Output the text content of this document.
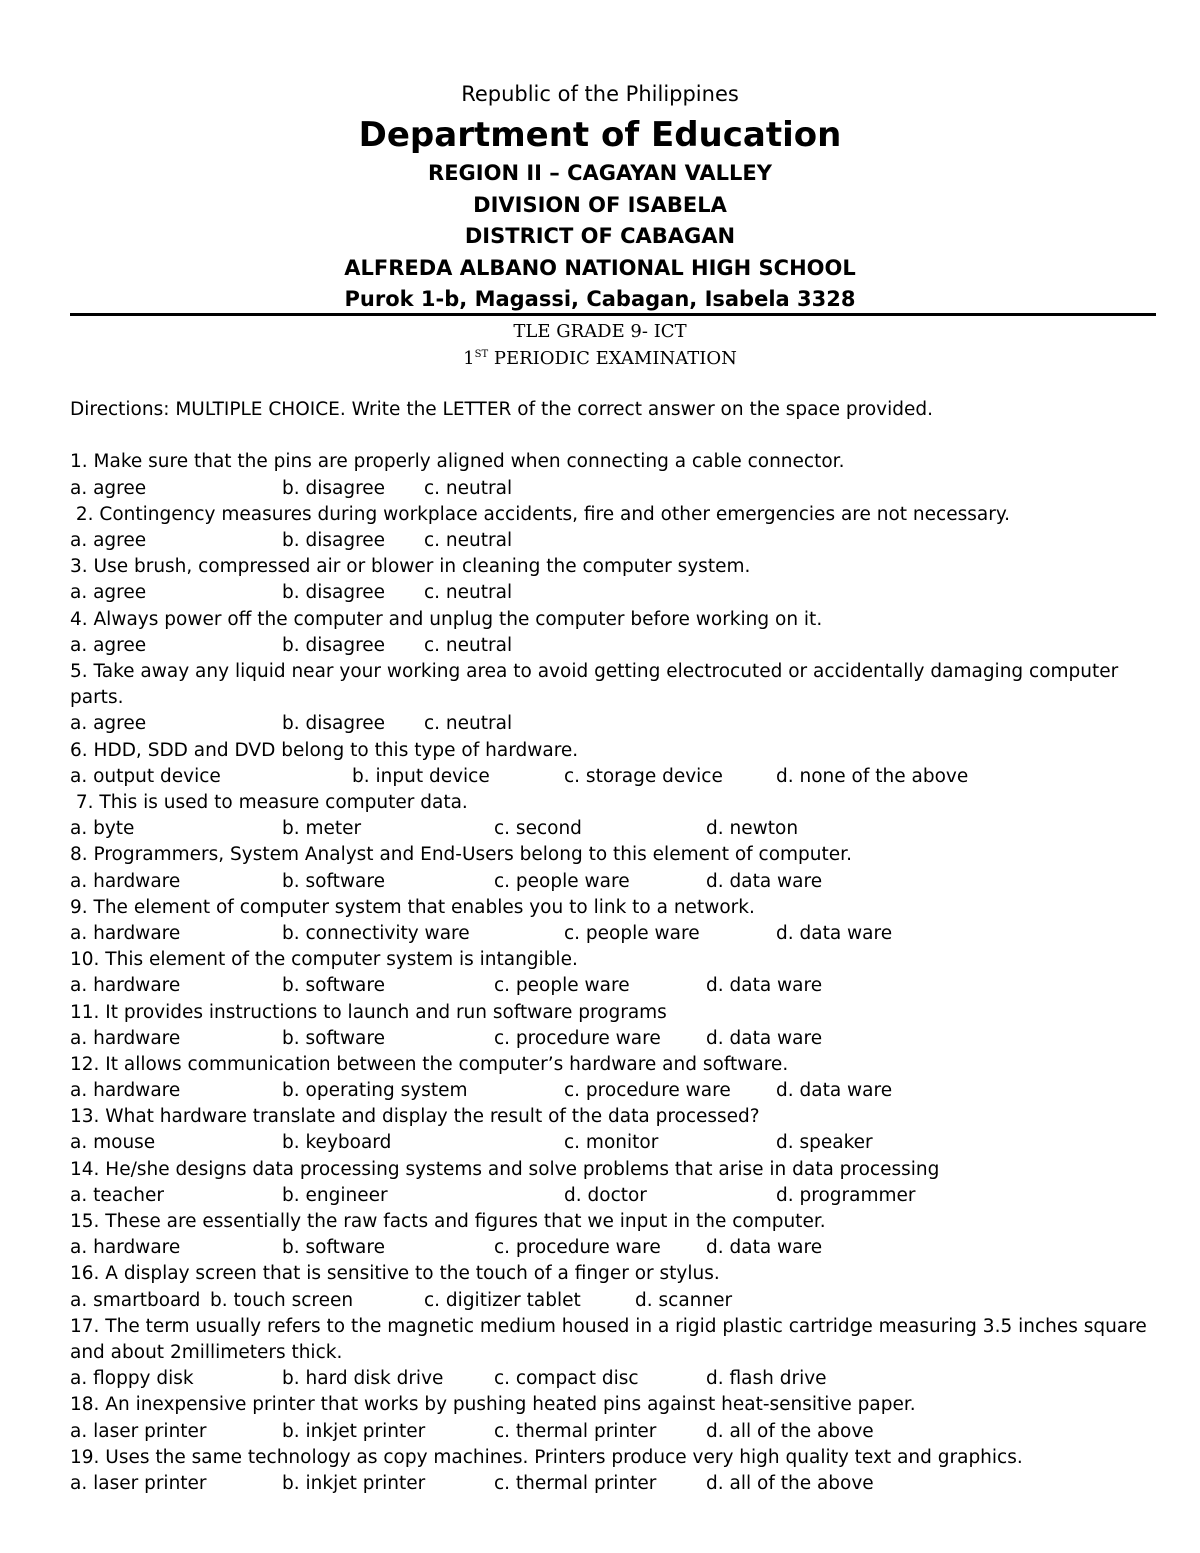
Republic of the Philippines
Department of Education
REGION II – CAGAYAN VALLEY
DIVISION OF ISABELA
DISTRICT OF CABAGAN
ALFREDA ALBANO NATIONAL HIGH SCHOOL
Purok 1-b, Magassi, Cabagan, Isabela 3328
TLE GRADE 9- ICT
1ST PERIODIC EXAMINATION
Directions: MULTIPLE CHOICE. Write the LETTER of the correct answer on the space provided.
1. Make sure that the pins are properly aligned when connecting a cable connector.
a. agree	b. disagree c. neutral
2. Contingency measures during workplace accidents, fire and other emergencies are not necessary.
a. agree	b. disagree c. neutral
3. Use brush, compressed air or blower in cleaning the computer system.
a. agree	b. disagree c. neutral
4. Always power off the computer and unplug the computer before working on it.
a. agree	b. disagree c. neutral
5. Take away any liquid near your working area to avoid getting electrocuted or accidentally damaging computer parts.
a. agree	b. disagree c. neutral
6. HDD, SDD and DVD belong to this type of hardware.
a. output device	b. input device	c. storage device	d. none of the above
7. This is used to measure computer data.
a. byte	b. meter	c. second	d. newton
8. Programmers, System Analyst and End-Users belong to this element of computer.
a. hardware	b. software	c. people ware	d. data ware
9. The element of computer system that enables you to link to a network.
a. hardware	b. connectivity ware	c. people ware	d. data ware
10. This element of the computer system is intangible.
a. hardware	b. software	c. people ware	d. data ware
11. It provides instructions to launch and run software programs
a. hardware	b. software	c. procedure ware d. data ware
12. It allows communication between the computer’s hardware and software.
a. hardware	b. operating system	c. procedure ware d. data ware
13. What hardware translate and display the result of the data processed?
a. mouse	b. keyboard	c. monitor	d. speaker
14. He/she designs data processing systems and solve problems that arise in data processing
a. teacher	b. engineer	d. doctor	d. programmer
15. These are essentially the raw facts and figures that we input in the computer.
a. hardware	b. software	c. procedure ware d. data ware
16. A display screen that is sensitive to the touch of a finger or stylus.
a. smartboard b. touch screen	c. digitizer tablet	d. scanner
17. The term usually refers to the magnetic medium housed in a rigid plastic cartridge measuring 3.5 inches square and about 2millimeters thick.
a. floppy disk	b. hard disk drive	c. compact disc	d. flash drive
18. An inexpensive printer that works by pushing heated pins against heat-sensitive paper.
a. laser printer	b. inkjet printer	c. thermal printer	d. all of the above
19. Uses the same technology as copy machines. Printers produce very high quality text and graphics.
a. laser printer	b. inkjet printer	c. thermal printer	d. all of the above
